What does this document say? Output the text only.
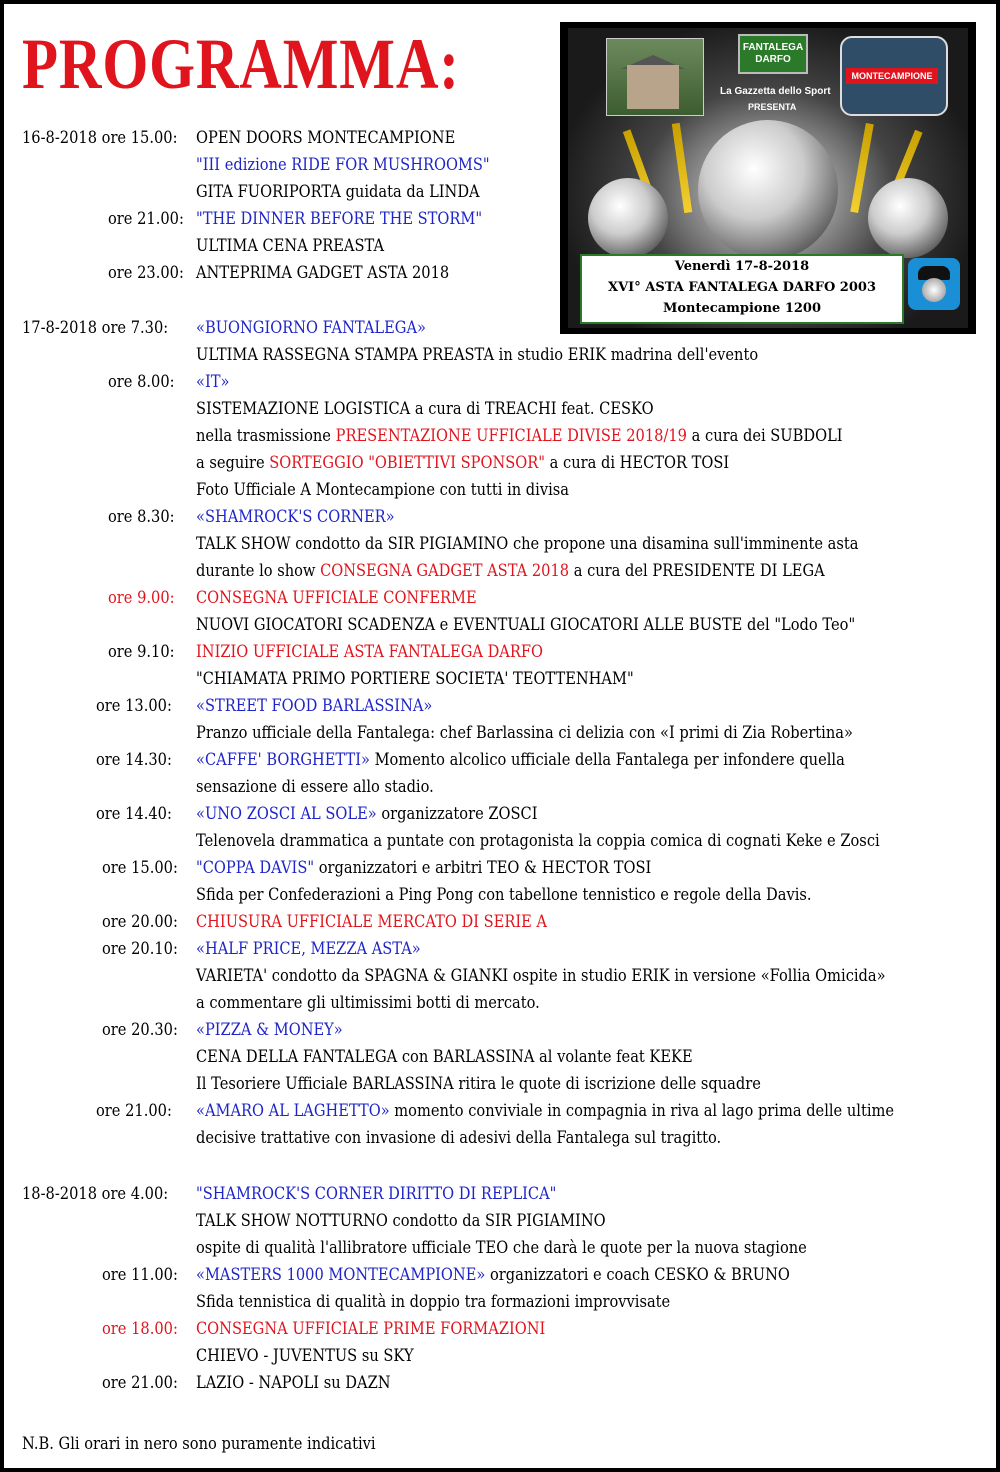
PROGRAMMA:	FANTALEGA DARFO
La Gazzetta dello Sport
PRESENTA
MONTECAMPIONE
Venerdì 17-8-2018
XVI° ASTA FANTALEGA DARFO 2003
Montecampione 1200
16-8-2018 ore 15.00: OPEN DOORS MONTECAMPIONE
"III edizione RIDE FOR MUSHROOMS"
GITA FUORIPORTA guidata da LINDA
ore 21.00: "THE DINNER BEFORE THE STORM"
ULTIMA CENA PREASTA
ore 23.00: ANTEPRIMA GADGET ASTA 2018
17-8-2018 ore 7.30: «BUONGIORNO FANTALEGA»
ULTIMA RASSEGNA STAMPA PREASTA in studio ERIK madrina dell'evento
ore 8.00: «IT»
SISTEMAZIONE LOGISTICA a cura di TREACHI feat. CESKO
nella trasmissione PRESENTAZIONE UFFICIALE DIVISE 2018/19 a cura dei SUBDOLI
a seguire SORTEGGIO "OBIETTIVI SPONSOR" a cura di HECTOR TOSI
Foto Ufficiale A Montecampione con tutti in divisa
ore 8.30: «SHAMROCK'S CORNER»
TALK SHOW condotto da SIR PIGIAMINO che propone una disamina sull'imminente asta
durante lo show CONSEGNA GADGET ASTA 2018 a cura del PRESIDENTE DI LEGA
ore 9.00: CONSEGNA UFFICIALE CONFERME
NUOVI GIOCATORI SCADENZA e EVENTUALI GIOCATORI ALLE BUSTE del "Lodo Teo"
ore 9.10: INIZIO UFFICIALE ASTA FANTALEGA DARFO
"CHIAMATA PRIMO PORTIERE SOCIETA' TEOTTENHAM"
ore 13.00: «STREET FOOD BARLASSINA»
Pranzo ufficiale della Fantalega: chef Barlassina ci delizia con «I primi di Zia Robertina»
ore 14.30: «CAFFE' BORGHETTI» Momento alcolico ufficiale della Fantalega per infondere quella
sensazione di essere allo stadio.
ore 14.40: «UNO ZOSCI AL SOLE» organizzatore ZOSCI
Telenovela drammatica a puntate con protagonista la coppia comica di cognati Keke e Zosci
ore 15.00: "COPPA DAVIS" organizzatori e arbitri TEO & HECTOR TOSI
Sfida per Confederazioni a Ping Pong con tabellone tennistico e regole della Davis.
ore 20.00: CHIUSURA UFFICIALE MERCATO DI SERIE A
ore 20.10: «HALF PRICE, MEZZA ASTA»
VARIETA' condotto da SPAGNA & GIANKI ospite in studio ERIK in versione «Follia Omicida»
a commentare gli ultimissimi botti di mercato.
ore 20.30: «PIZZA & MONEY»
CENA DELLA FANTALEGA con BARLASSINA al volante feat KEKE
Il Tesoriere Ufficiale BARLASSINA ritira le quote di iscrizione delle squadre
ore 21.00: «AMARO AL LAGHETTO» momento conviviale in compagnia in riva al lago prima delle ultime
decisive trattative con invasione di adesivi della Fantalega sul tragitto.
18-8-2018 ore 4.00: "SHAMROCK'S CORNER DIRITTO DI REPLICA"
TALK SHOW NOTTURNO condotto da SIR PIGIAMINO
ospite di qualità l'allibratore ufficiale TEO che darà le quote per la nuova stagione
ore 11.00: «MASTERS 1000 MONTECAMPIONE» organizzatori e coach CESKO & BRUNO
Sfida tennistica di qualità in doppio tra formazioni improvvisate
ore 18.00: CONSEGNA UFFICIALE PRIME FORMAZIONI
CHIEVO - JUVENTUS su SKY
ore 21.00: LAZIO - NAPOLI su DAZN
N.B. Gli orari in nero sono puramente indicativi
